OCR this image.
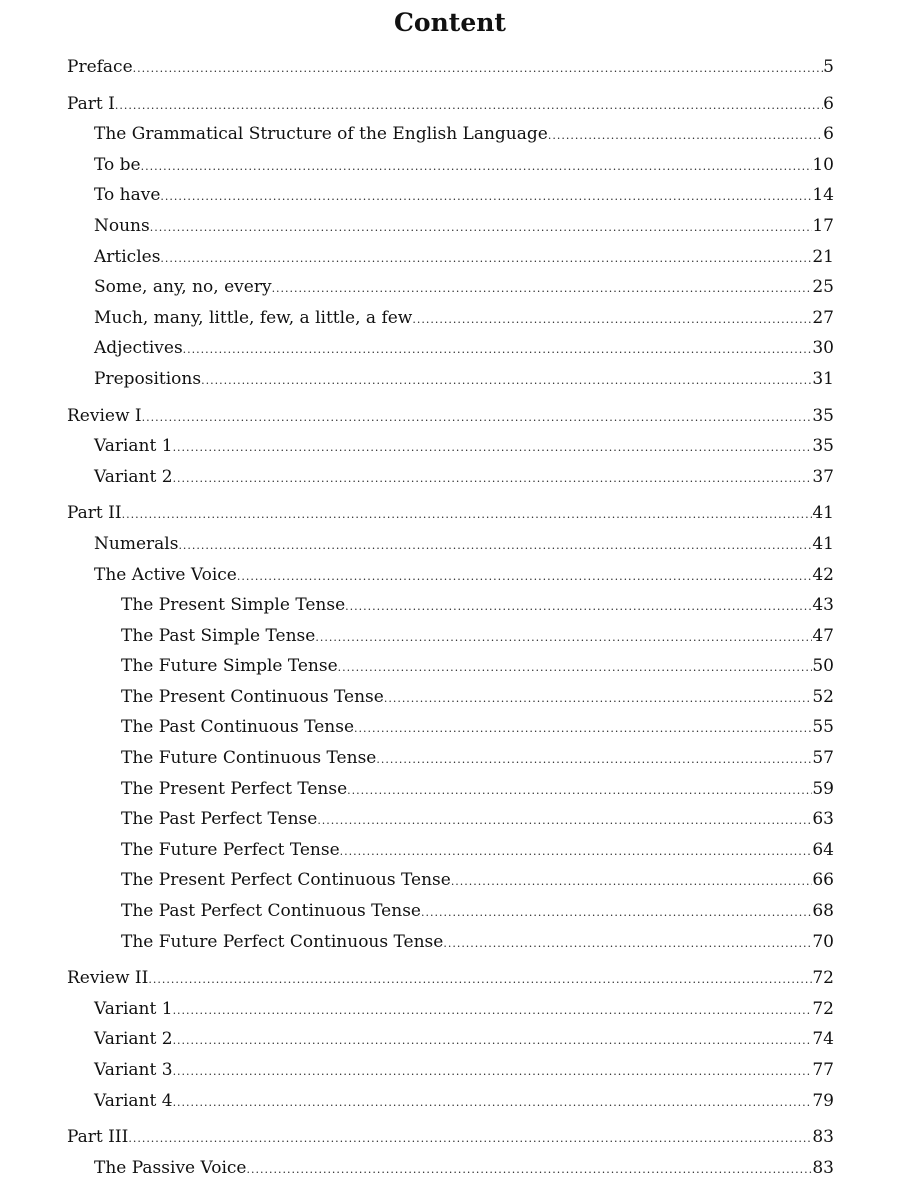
Content
Preface .....	5
Part I .....	6
The Grammatical Structure of the English Language .....	6
To be .....	10
To have .....	14
Nouns .....	17
Articles .....	21
Some, any, no, every .....	25
Much, many, little, few, a little, a few .....	27
Adjectives .....	30
Prepositions .....	31
Review I .....	35
Variant 1 .....	35
Variant 2 .....	37
Part II .....	41
Numerals .....	41
The Active Voice .....	42
The Present Simple Tense .....	43
The Past Simple Tense .....	47
The Future Simple Tense .....	50
The Present Continuous Tense .....	52
The Past Continuous Tense .....	55
The Future Continuous Tense .....	57
The Present Perfect Tense .....	59
The Past Perfect Tense .....	63
The Future Perfect Tense .....	64
The Present Perfect Continuous Tense .....	66
The Past Perfect Continuous Tense .....	68
The Future Perfect Continuous Tense .....	70
Review II .....	72
Variant 1 .....	72
Variant 2 .....	74
Variant 3 .....	77
Variant 4 .....	79
Part III .....	83
The Passive Voice .....	83
